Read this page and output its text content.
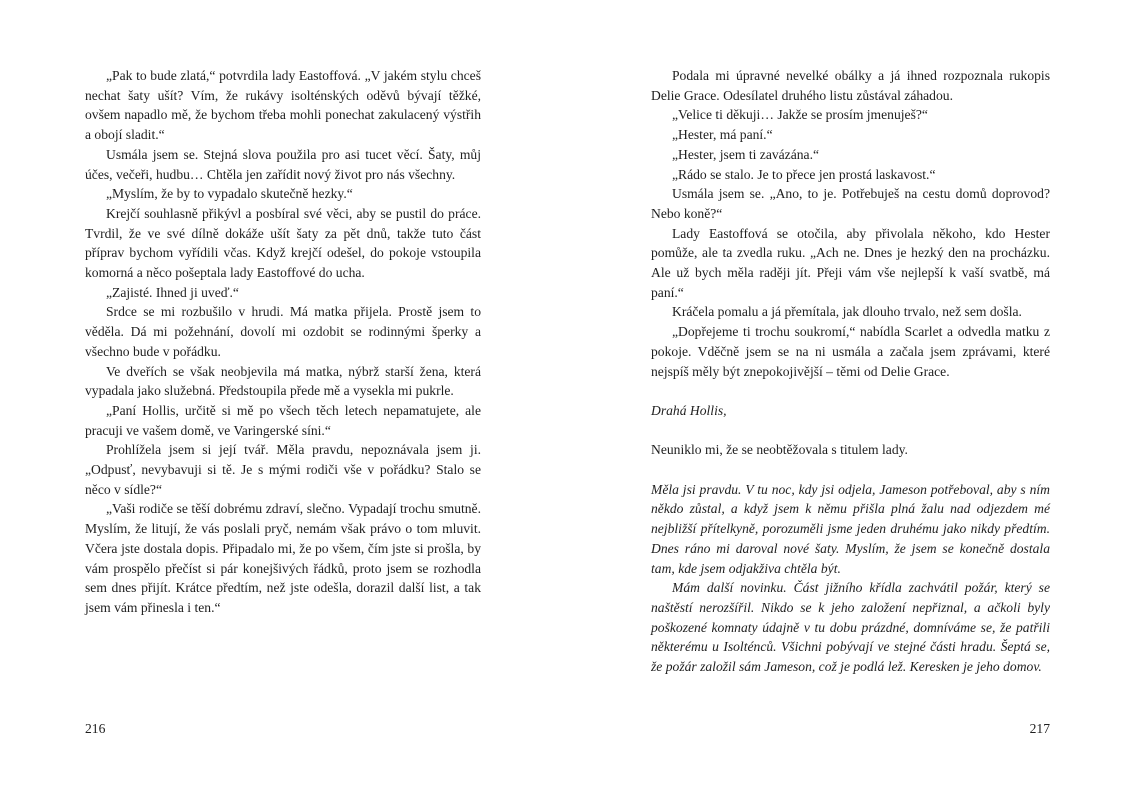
„Pak to bude zlatá,“ potvrdila lady Eastoffová. „V jakém stylu chceš nechat šaty ušít? Vím, že rukávy isolténských oděvů bývají těžké, ovšem napadlo mě, že bychom třeba mohli ponechat zakulacený výstřih a obojí sladit.“

Usmála jsem se. Stejná slova použila pro asi tucet věcí. Šaty, můj účes, večeři, hudbu… Chtěla jen zařídit nový život pro nás všechny.

„Myslím, že by to vypadalo skutečně hezky.“

Krejčí souhlasně přikývl a posbíral své věci, aby se pustil do práce. Tvrdil, že ve své dílně dokáže ušít šaty za pět dnů, takže tuto část příprav bychom vyřídili včas. Když krejčí odešel, do pokoje vstoupila komorná a něco pošeptala lady Eastoffové do ucha.

„Zajisté. Ihned ji uveď.“

Srdce se mi rozbušilo v hrudi. Má matka přijela. Prostě jsem to věděla. Dá mi požehnání, dovolí mi ozdobit se rodinnými šperky a všechno bude v pořádku.

Ve dveřích se však neobjevila má matka, nýbrž starší žena, která vypadala jako služebná. Předstoupila přede mě a vysekla mi pukrle.

„Paní Hollis, určitě si mě po všech těch letech nepamatujete, ale pracuji ve vašem domě, ve Varingerské síni.“

Prohlížela jsem si její tvář. Měla pravdu, nepoznávala jsem ji. „Odpusť, nevybavuji si tě. Je s mými rodiči vše v pořádku? Stalo se něco v sídle?“

„Vaši rodiče se těší dobrému zdraví, slečno. Vypadají trochu smutně. Myslím, že litují, že vás poslali pryč, nemám však právo o tom mluvit. Včera jste dostala dopis. Připadalo mi, že po všem, čím jste si prošla, by vám prospělo přečíst si pár konejšivých řádků, proto jsem se rozhodla sem dnes přijít. Krátce předtím, než jste odešla, dorazil další list, a tak jsem vám přinesla i ten.“

Podala mi úpravné nevelké obálky a já ihned rozpoznala rukopis Delie Grace. Odesílatel druhého listu zůstával záhadou.

„Velice ti děkuji… Jakže se prosím jmenuješ?“

„Hester, má paní.“

„Hester, jsem ti zavázána.“

„Rádo se stalo. Je to přece jen prostá laskavost.“

Usmála jsem se. „Ano, to je. Potřebuješ na cestu domů doprovod? Nebo koně?“

Lady Eastoffová se otočila, aby přivolala někoho, kdo Hester pomůže, ale ta zvedla ruku. „Ach ne. Dnes je hezký den na procházku. Ale už bych měla raději jít. Přeji vám vše nejlepší k vaší svatbě, má paní.“

Kráčela pomalu a já přemítala, jak dlouho trvalo, než sem došla.

„Dopřejeme ti trochu soukromí,“ nabídla Scarlet a odvedla matku z pokoje. Vděčně jsem se na ni usmála a začala jsem zprávami, které nejspíš měly být znepokojivější – těmi od Delie Grace.

Drahá Hollis,

Neuniklo mi, že se neobtěžovala s titulem lady.

Měla jsi pravdu. V tu noc, kdy jsi odjela, Jameson potřeboval, aby s ním někdo zůstal, a když jsem k němu přišla plná žalu nad odjezdem mé nejbližší přítelkyně, porozuměli jsme jeden druhému jako nikdy předtím. Dnes ráno mi daroval nové šaty. Myslím, že jsem se konečně dostala tam, kde jsem odjakživa chtěla být.

Mám další novinku. Část jižního křídla zachvátil požár, který se naštěstí nerozšířil. Nikdo se k jeho založení nepřiznal, a ačkoli byly poškozené komnaty údajně v tu dobu prázdné, domníváme se, že patřili některému u Isolténců. Všichni pobývají ve stejné části hradu. Šeptá se, že požár založil sám Jameson, což je podlá lež. Keresken je jeho domov.

216	217
